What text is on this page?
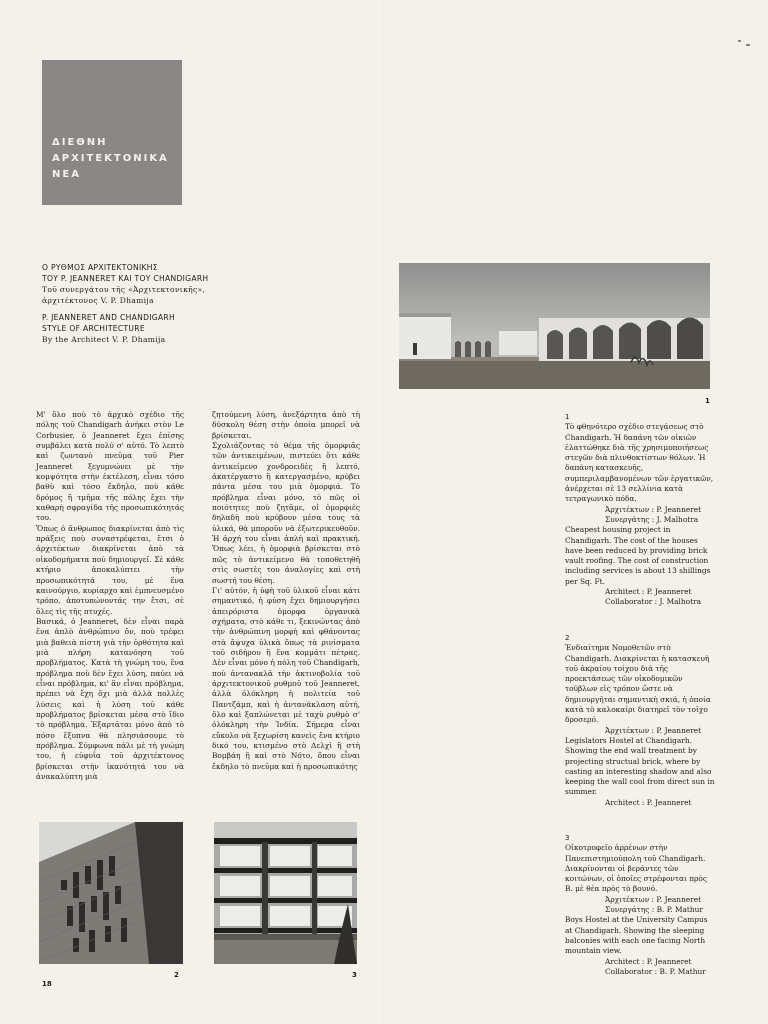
ΔΙΕΘΝΗ
ΑΡΧΙΤΕΚΤΟΝΙΚΑ
ΝΕΑ
Ο ΡΥΘΜΟΣ ΑΡΧΙΤΕΚΤΟΝΙΚΗΣ
ΤΟΥ P. JEANNERET ΚΑΙ ΤΟΥ CHANDIGARH
Τοῦ συνεργάτου τῆς «Ἀρχιτεκτονικῆς»,
ἀρχιτέκτονος V. P. Dhamija
P. JEANNERET AND CHANDIGARH
STYLE OF ARCHITECTURE
By the Architect V. P. Dhamija
1

Μ' ὅλο ποὺ τὸ ἀρχικὸ σχέδιο τῆς πόλης τοῦ Chandigarh ἀνήκει στὸν Le Corbusier, ὁ Jeanneret ἔχει ἐπίσης συμβάλει κατὰ πολὺ σ' αὐτό. Τὸ λεπτὸ καὶ ζωντανὸ πνεῦμα τοῦ Pier Jeanneret ξεγυμνώνει μὲ τὴν κομψότητα στὴν ἐκτέλεση, εἶναι τόσο βαθὺ καὶ τόσο ἔκδηλο, ποὺ κάθε δρόμος ἢ τμῆμα τῆς πόλης ἔχει τὴν καθαρὴ σφραγίδα τῆς προσωπικότητάς του.

Ὅπως ὁ ἄνθρωπος διακρίνεται ἀπὸ τὶς πράξεις ποὺ συναστρέφεται, ἔτσι ὁ ἀρχιτέκτων διακρίνεται ἀπὸ τὰ οἰκοδομήματα ποὺ δημιουργεῖ. Σὲ κάθε κτήριο ἀποκαλύπτει τὴν προσωπικότητά του, μὲ ἕνα καινούργιο, κυρίαρχο καὶ ἐμπνευσμένο τρόπο, ἀποτυπώνοντάς την ἔτσι, σὲ ὅλες τὶς τῆς πτυχές.

Βασικά, ὁ Jeanneret, δὲν εἶναι παρὰ ἕνα ἁπλὸ ἀνθρώπινο ὄν, ποὺ τρέφει μιὰ βαθειὰ πίστη γιὰ τὴν ὀρθότητα καὶ μιὰ πλήρη κατανόηση τοῦ προβλήματος. Κατὰ τὴ γνώμη του, ἕνα πρόβλημα ποὺ δὲν ἔχει λύση, παύει νὰ εἶναι πρόβλημα, κι' ἂν εἶναι πρόβλημα, πρέπει νὰ ἔχη ὄχι μιὰ ἀλλὰ πολλὲς λύσεις καὶ ἡ λύση τοῦ κάθε προβλήματος βρίσκεται μέσα στὸ ἴδιο τὸ πρόβλημα. Ἐξαρτᾶται μόνο ἀπὸ τὸ πόσο ἔξυπνα θὰ πλησιάσουμε τὸ πρόβλημα. Σύμφωνα πάλι μὲ τὴ γνώμη του, ἡ εὐφυΐα τοῦ ἀρχιτέκτονος βρίσκεται στὴν ἱκανότητά του νὰ ἀνακαλύπτη μιὰ

ζητούμενη λύση, ἀνεξάρτητα ἀπὸ τὴ δύσκολη θέση στὴν ὁποία μπορεῖ νὰ βρίσκεται.

Σχολιάζοντας τὸ θέμα τῆς ὁμορφιᾶς τῶν ἀντικειμένων, πιστεύει ὅτι κάθε ἀντικείμενο χονδροειδὲς ἢ λεπτό, ἀκατέργαστο ἢ κατεργασμένο, κρύβει πάντα μέσα του μιὰ ὁμορφιά. Τὸ πρόβλημα εἶναι μόνο, τὸ πῶς οἱ ποιότητες ποὺ ζητᾶμε, οἱ ὁμορφιὲς δηλαδὴ ποὺ κρύβουν μέσα τους τὰ ὑλικά, θὰ μποροῦν νὰ ἐξωτερικευθοῦν. Ἡ ἀρχή του εἶναι ἁπλὴ καὶ πρακτική. Ὅπως λέει, ἡ ὁμορφιὰ βρίσκεται στὸ πῶς τὸ ἀντικείμενο θὰ τοποθετηθῆ στὶς σωστὲς του ἀναλογίες καὶ στὴ σωστή του θέση.

Γι' αὐτόν, ἡ ὑφὴ τοῦ ὑλικοῦ εἶναι κάτι σημαντικό, ἡ φύση ἔχει δημιουργήσει ἀπειρόριστα ὁμορφα ὀργανικὰ σχήματα, στὸ κάθε τι, ξεκινώντας ἀπὸ τὴν ἀνθρώπινη μορφὴ καὶ φθάνοντας στὰ ἄψυχα ὑλικὰ ὅπως τὰ ρινίσματα τοῦ σιδήρου ἢ ἕνα κομμάτι πέτρας. Δὲν εἶναι μόνο ἡ πόλη τοῦ Chandigarh, ποὺ ἀντανακλᾶ τὴν ἀκτινοβολία τοῦ ἀρχιτεκτονικοῦ ρυθμοῦ τοῦ Jeanneret, ἀλλὰ ὁλόκληρη ἡ πολιτεία τοῦ Παντζάμπ, καὶ ἡ ἀντανάκλαση αὐτή, ὅλο καὶ ξαπλώνεται μὲ ταχὺ ρυθμὸ σ' ὁλόκληρη τὴν Ἰνδία. Σήμερα εἶναι εὔκολο νὰ ξεχωρίση κανεὶς ἕνα κτήριο δικό του, κτισμένο στὸ Δελχὶ ἢ στὴ Βομβάη ἢ καὶ στὸ Νότο, ὅπου εἶναι ἔκδηλο τὸ πνεῦμα καὶ ἡ προσωπικότης

2	3

1

Τὸ φθηνότερο σχέδιο στεγάσεως στὸ Chandigarh. Ἡ δαπάνη τῶν οἰκιῶν ἐλαττώθηκε διὰ τῆς χρησιμοποιήσεως στεγῶν διὰ πλινθοκτίστων θόλων. Ἡ δαπάνη κατασκευῆς, συμπεριλαμβανομένων τῶν ἐργατικῶν, ἀνέρχεται σὲ 13 σελλίνια κατὰ τετραγωνικὸ πόδα.

Ἀρχιτέκτων : P. Jeanneret

Συνεργάτης : J. Malhotra

Cheapest housing project in Chandigarh. The cost of the houses have been reduced by providing brick vault roofing. The cost of construction including services is about 13 shillings per Sq. Ft.

Architect : P. Jeanneret

Collaborator : J. Malhotra

2

Ἐνδιαίτημα Νομοθετῶν στὸ Chandigarh. Διακρίνεται ἡ κατασκευὴ τοῦ ἀκραίου τοίχου διὰ τῆς προεκτάσεως τῶν οἰκοδομικῶν τούβλων εἰς τρόπον ὥστε νὰ δημιουργῆται σημαντικὴ σκιά, ἡ ὁποία κατὰ τὸ καλοκαίρι διατηρεῖ τὸν τοῖχο δροσερό.

Ἀρχιτέκτων : P. Jeanneret

Legislators Hostel at Chandigarh. Showing the end wall treatment by projecting structual brick, where by casting an interesting shadow and also keeping the wall cool from direct sun in summer.

Architect : P. Jeanneret

3

Οἰκοτροφεῖο ἀρρένων στὴν Πανεπιστημιούπολη τοῦ Chandigarh. Διακρίνονται οἱ βεράντες τῶν κοιτώνων, οἱ ὁποῖες στρέφονται πρὸς Β. μὲ θέα πρὸς τὸ βουνό.

Ἀρχιτέκτων : P. Jeanneret

Συνεργάτης : B. P. Mathur

Boys Hostel at the University Campus at Chandigarh. Showing the sleeping balconies with each one facing North mountain view.

Architect : P. Jeanneret

Collaborator : B. P. Mathur

18
